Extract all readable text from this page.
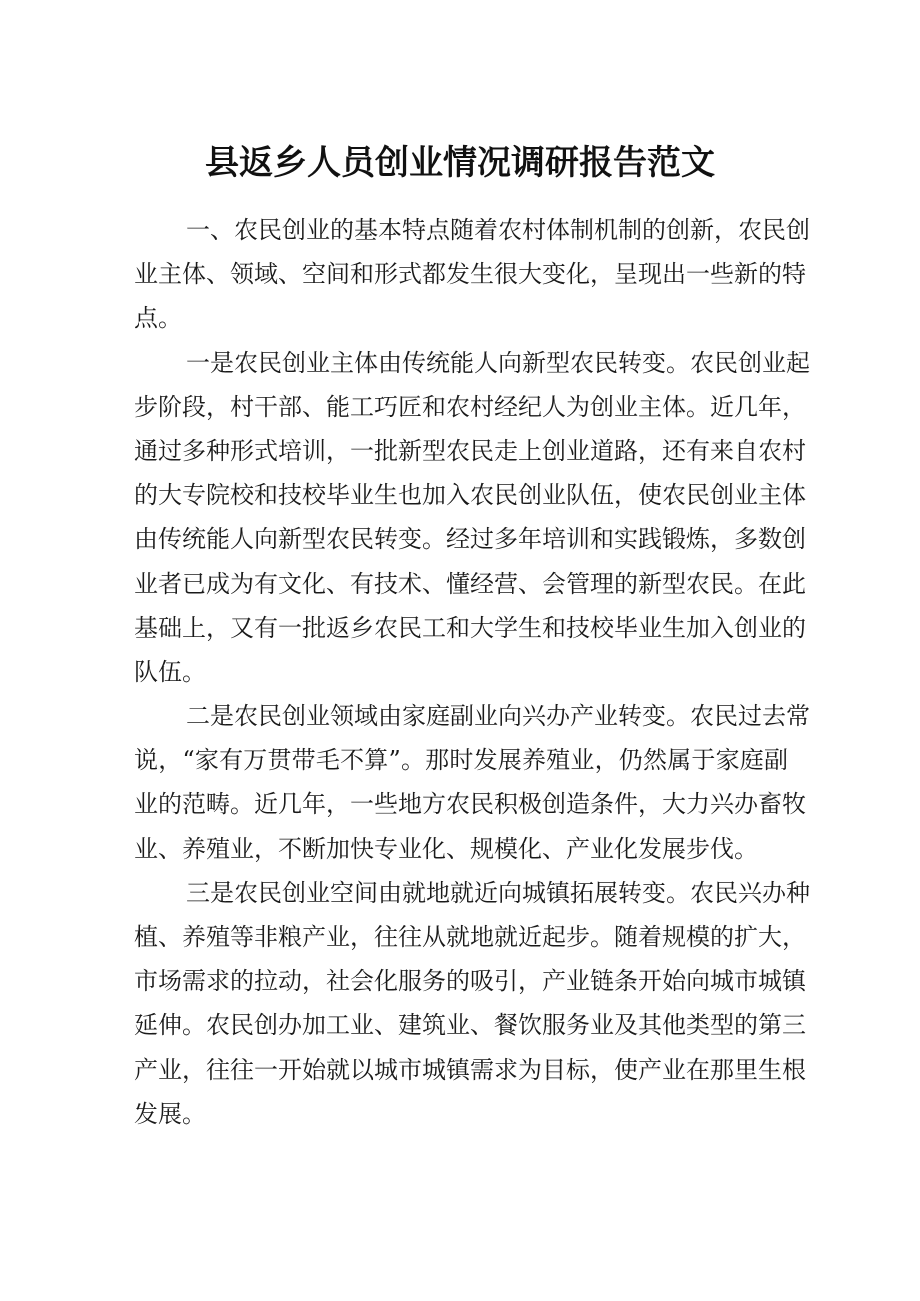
县返乡人员创业情况调研报告范文
一、农民创业的基本特点随着农村体制机制的创新，农民创
业主体、领域、空间和形式都发生很大变化，呈现出一些新的特
点。
一是农民创业主体由传统能人向新型农民转变。农民创业起
步阶段，村干部、能工巧匠和农村经纪人为创业主体。近几年，
通过多种形式培训，一批新型农民走上创业道路，还有来自农村
的大专院校和技校毕业生也加入农民创业队伍，使农民创业主体
由传统能人向新型农民转变。经过多年培训和实践锻炼，多数创
业者已成为有文化、有技术、懂经营、会管理的新型农民。在此
基础上，又有一批返乡农民工和大学生和技校毕业生加入创业的
队伍。
二是农民创业领域由家庭副业向兴办产业转变。农民过去常
说，“家有万贯带毛不算”。那时发展养殖业，仍然属于家庭副
业的范畴。近几年，一些地方农民积极创造条件，大力兴办畜牧
业、养殖业，不断加快专业化、规模化、产业化发展步伐。
三是农民创业空间由就地就近向城镇拓展转变。农民兴办种
植、养殖等非粮产业，往往从就地就近起步。随着规模的扩大，
市场需求的拉动，社会化服务的吸引，产业链条开始向城市城镇
延伸。农民创办加工业、建筑业、餐饮服务业及其他类型的第三
产业，往往一开始就以城市城镇需求为目标，使产业在那里生根
发展。
